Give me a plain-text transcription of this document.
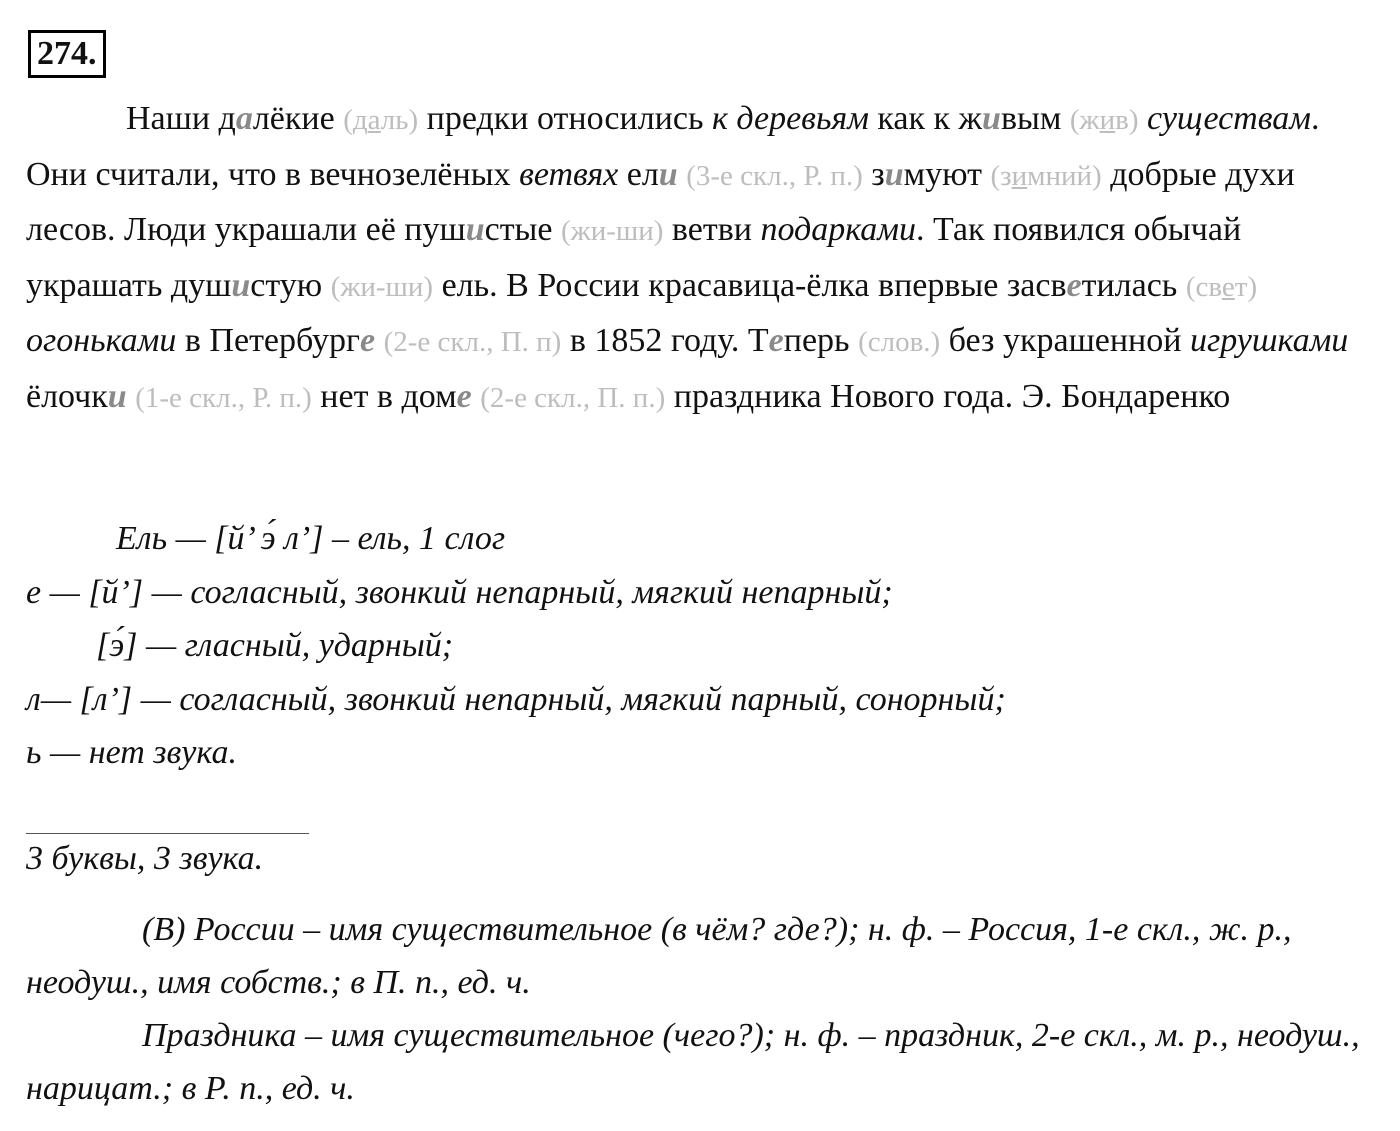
274.

Наши далёкие (даль) предки относились к деревьям как к живым (жив) существам. Они считали, что в вечнозелёных ветвях ели (3-е скл., Р. п.) зимуют (зимний) добрые духи лесов. Люди украшали её пушистые (жи-ши) ветви подарками. Так появился обычай украшать душистую (жи-ши) ель. В России красавица-ёлка впервые засветилась (свет) огоньками в Петербурге (2-е скл., П. п) в 1852 году. Теперь (слов.) без украшенной игрушками ёлочки (1-е скл., Р. п.) нет в доме (2-е скл., П. п.) праздника Нового года. Э. Бондаренко

Ель — [й’ э́ л’] – ель, 1 слог
е — [й’] — согласный, звонкий непарный, мягкий непарный;
[э́] — гласный, ударный;
л— [л’] — согласный, звонкий непарный, мягкий парный, сонорный;
ь — нет звука.
3 буквы, 3 звука.

(В) России – имя существительное (в чём? где?); н. ф. – Россия, 1-е скл., ж. р., неодуш., имя собств.; в П. п., ед. ч.

Праздника – имя существительное (чего?); н. ф. – праздник, 2-е скл., м. р., неодуш., нарицат.; в Р. п., ед. ч.
